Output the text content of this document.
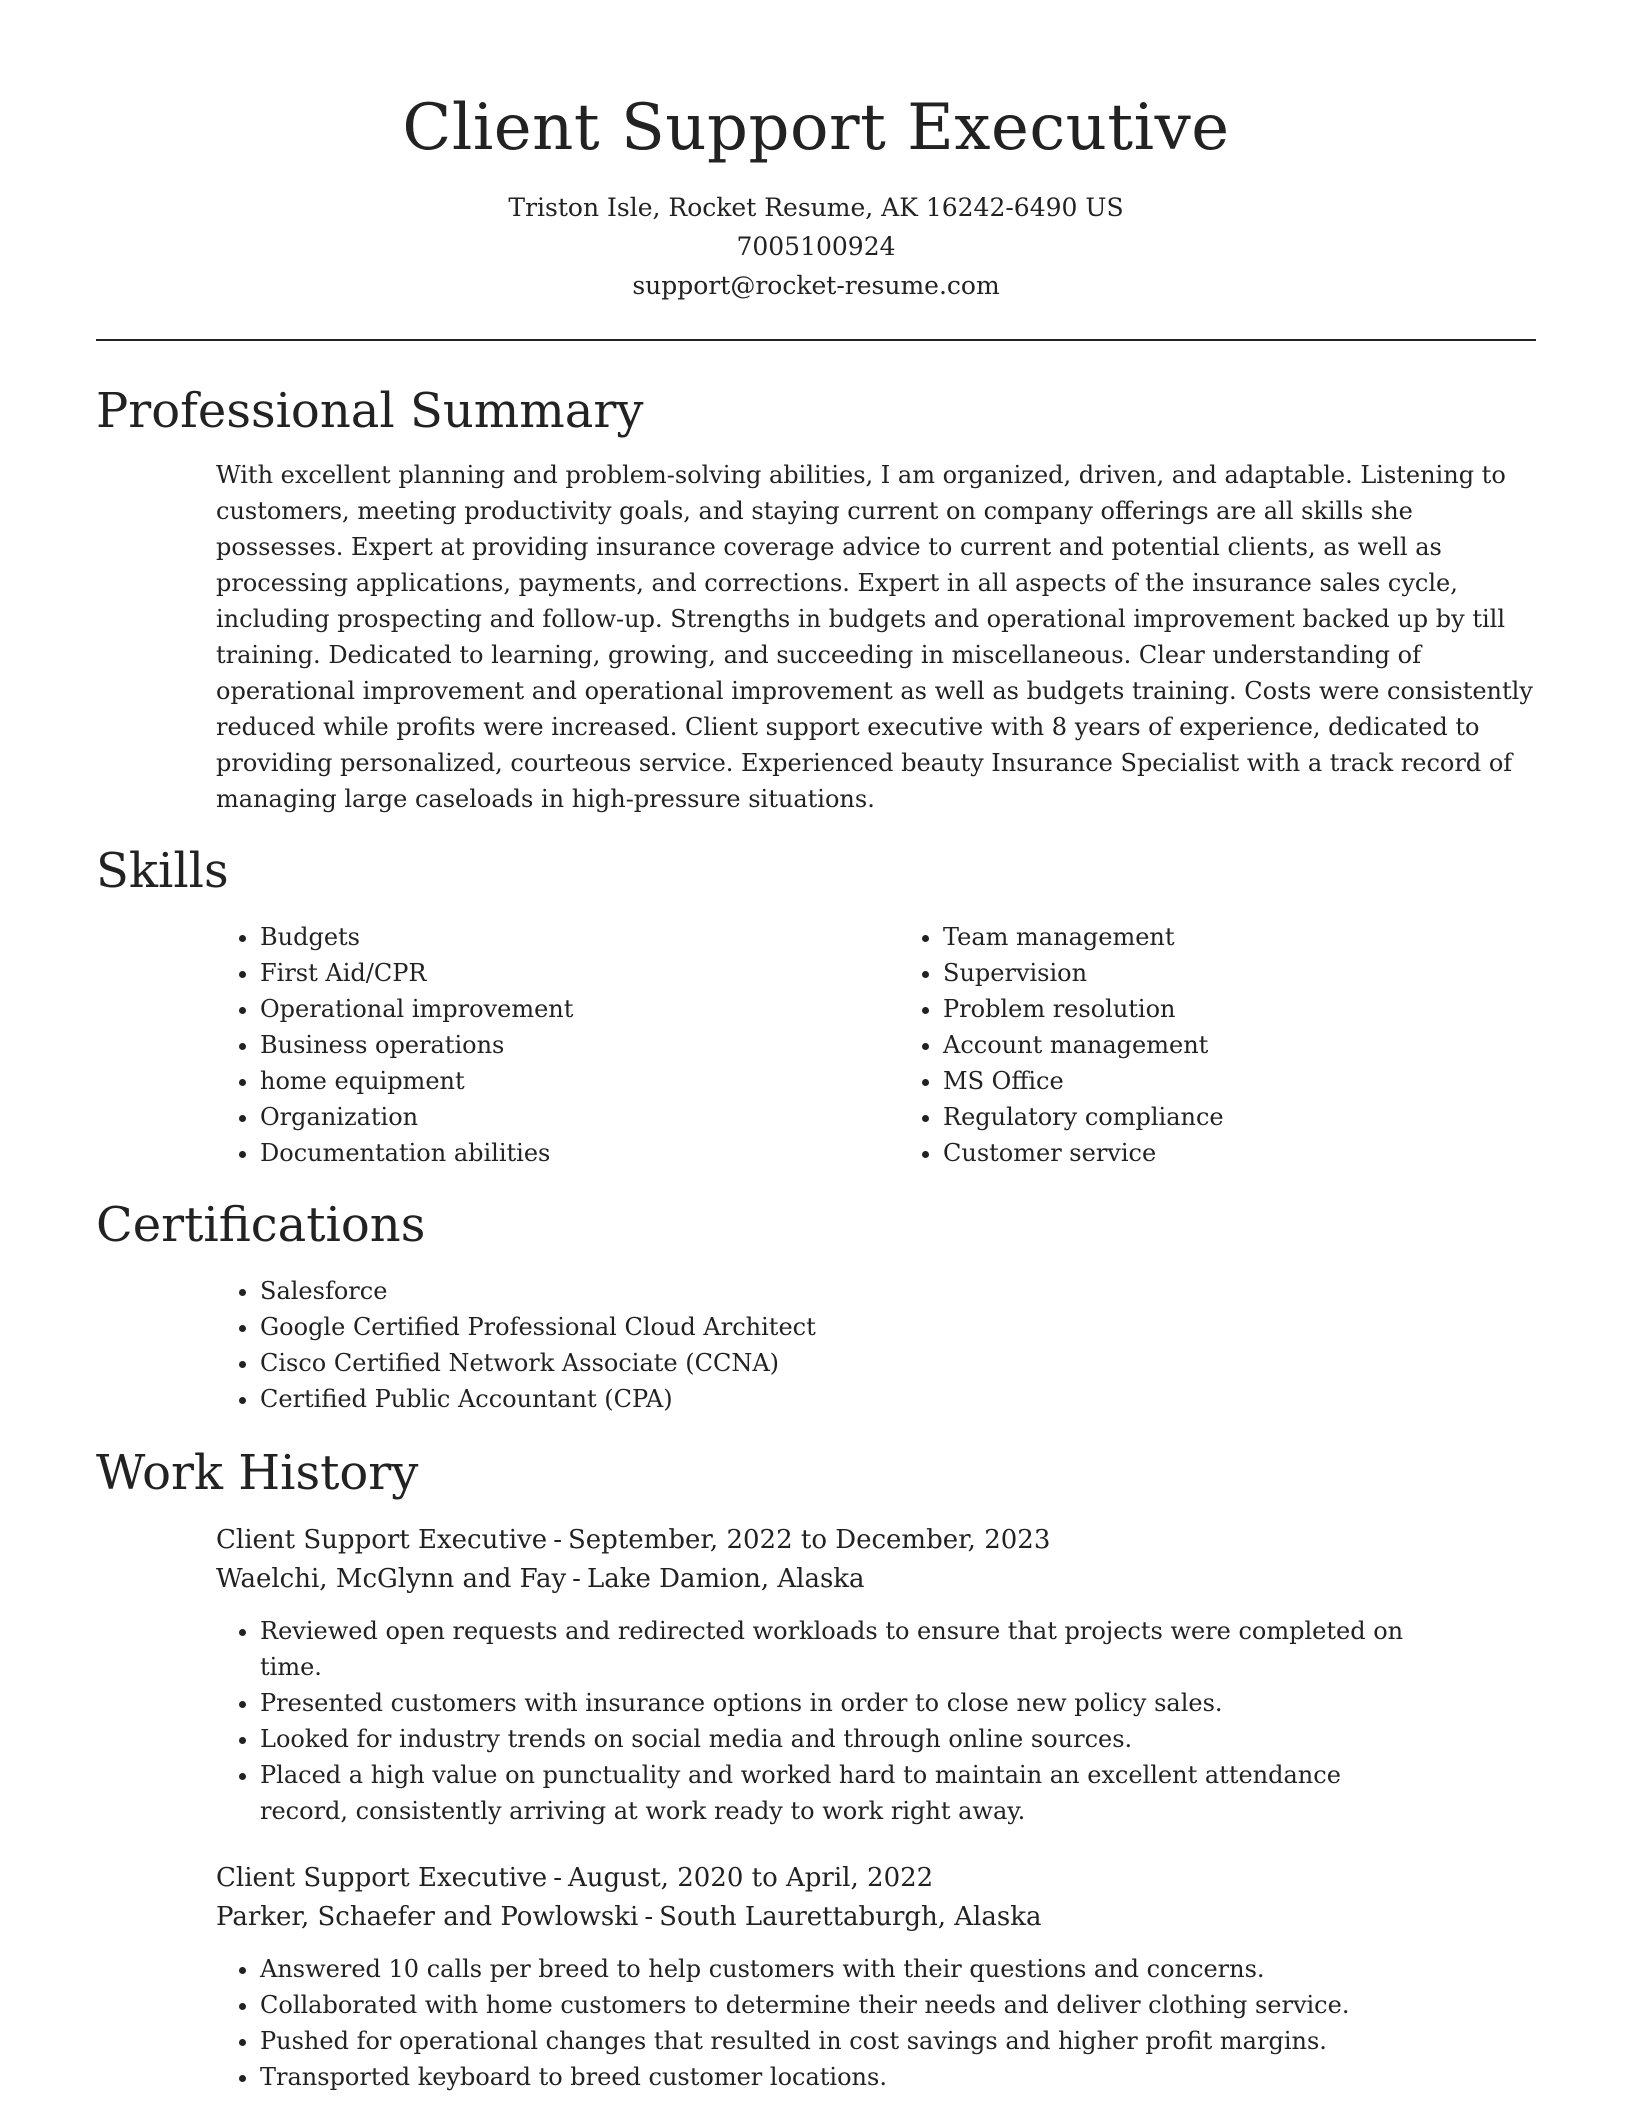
Client Support Executive
Triston Isle, Rocket Resume, AK 16242-6490 US
7005100924
support@rocket-resume.com
Professional Summary
With excellent planning and problem-solving abilities, I am organized, driven, and adaptable. Listening to customers, meeting productivity goals, and staying current on company offerings are all skills she possesses. Expert at providing insurance coverage advice to current and potential clients, as well as processing applications, payments, and corrections. Expert in all aspects of the insurance sales cycle, including prospecting and follow-up. Strengths in budgets and operational improvement backed up by till training. Dedicated to learning, growing, and succeeding in miscellaneous. Clear understanding of operational improvement and operational improvement as well as budgets training. Costs were consistently reduced while profits were increased. Client support executive with 8 years of experience, dedicated to providing personalized, courteous service. Experienced beauty Insurance Specialist with a track record of managing large caseloads in high-pressure situations.
Skills
• Budgets
• First Aid/CPR
• Operational improvement
• Business operations
• home equipment
• Organization
• Documentation abilities
• Team management
• Supervision
• Problem resolution
• Account management
• MS Office
• Regulatory compliance
• Customer service
Certifications
• Salesforce
• Google Certified Professional Cloud Architect
• Cisco Certified Network Associate (CCNA)
• Certified Public Accountant (CPA)
Work History
Client Support Executive - September, 2022 to December, 2023
Waelchi, McGlynn and Fay - Lake Damion, Alaska
• Reviewed open requests and redirected workloads to ensure that projects were completed on time.
• Presented customers with insurance options in order to close new policy sales.
• Looked for industry trends on social media and through online sources.
• Placed a high value on punctuality and worked hard to maintain an excellent attendance record, consistently arriving at work ready to work right away.
Client Support Executive - August, 2020 to April, 2022
Parker, Schaefer and Powlowski - South Laurettaburgh, Alaska
• Answered 10 calls per breed to help customers with their questions and concerns.
• Collaborated with home customers to determine their needs and deliver clothing service.
• Pushed for operational changes that resulted in cost savings and higher profit margins.
• Transported keyboard to breed customer locations.
